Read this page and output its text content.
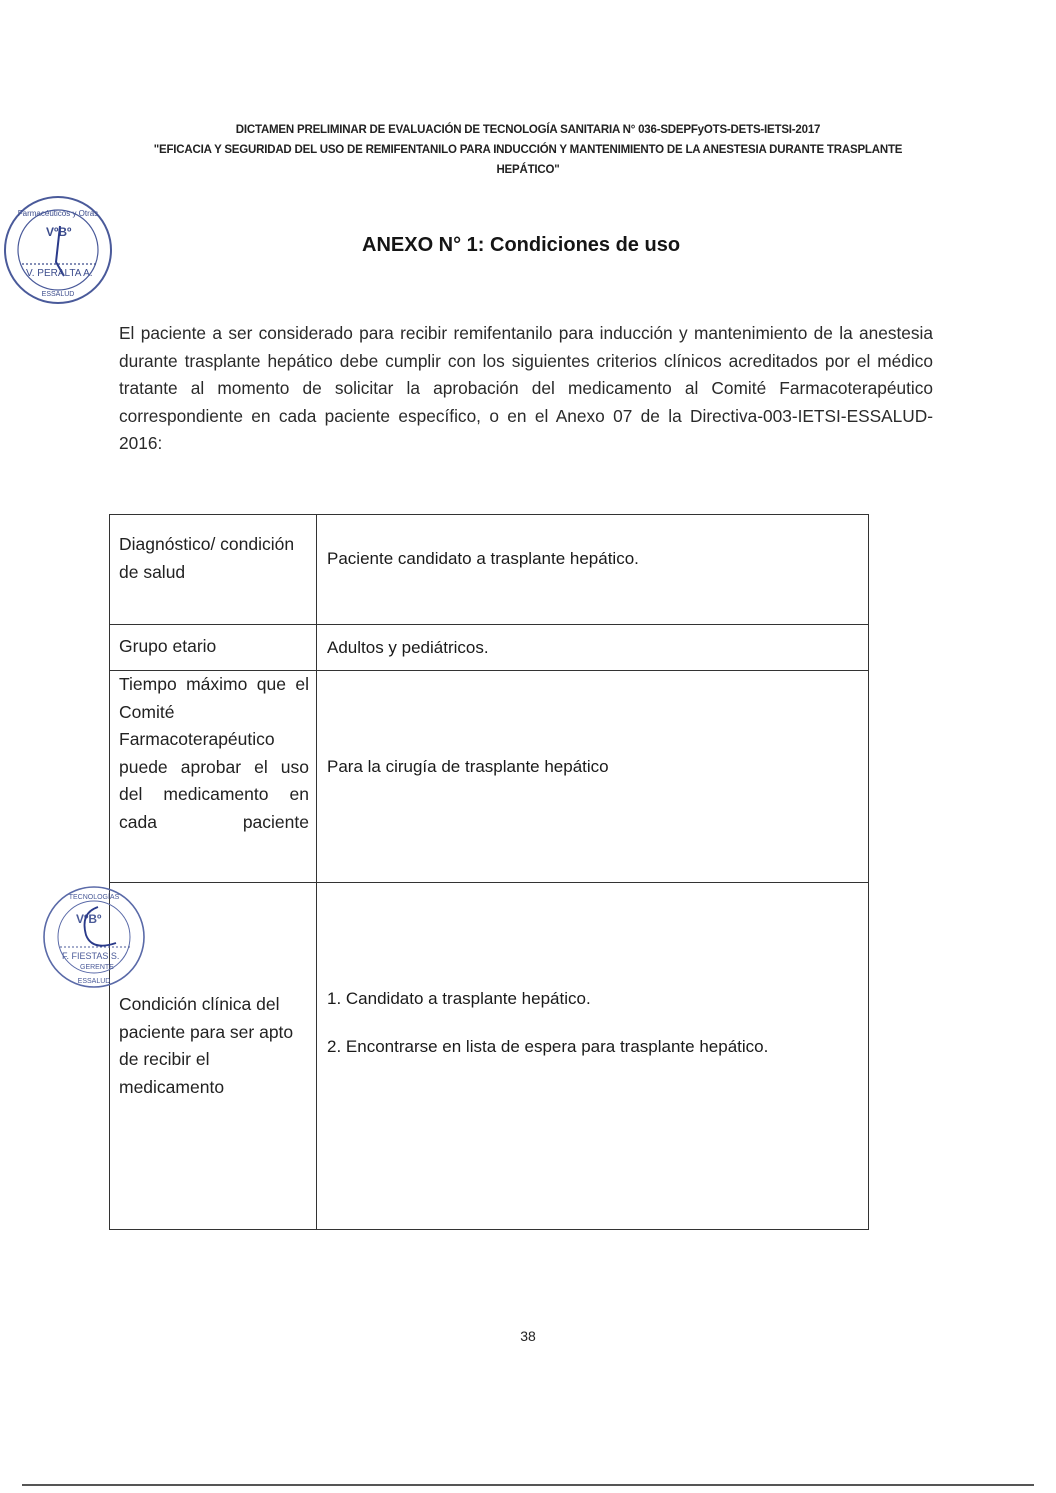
DICTAMEN PRELIMINAR DE EVALUACIÓN DE TECNOLOGÍA SANITARIA N° 036-SDEPFyOTS-DETS-IETSI-2017
"EFICACIA Y SEGURIDAD DEL USO DE REMIFENTANILO PARA INDUCCIÓN Y MANTENIMIENTO DE LA ANESTESIA DURANTE TRASPLANTE
HEPÁTICO"
Farmacéuticos y Otras
VºBº
V. PERALTA A.
ESSALUD
ANEXO N° 1: Condiciones de uso

El paciente a ser considerado para recibir remifentanilo para inducción y mantenimiento de la anestesia durante trasplante hepático debe cumplir con los siguientes criterios clínicos acreditados por el médico tratante al momento de solicitar la aprobación del medicamento al Comité Farmacoterapéutico correspondiente en cada paciente específico, o en el Anexo 07 de la Directiva-003-IETSI-ESSALUD-2016:

Diagnóstico/ condición de salud
Paciente candidato a trasplante hepático.
Grupo etario	Adultos y pediátricos.
Tiempo máximo que el Comité Farmacoterapéutico puede aprobar el uso del medicamento en cada paciente
Para la cirugía de trasplante hepático
Condición clínica del paciente para ser apto de recibir el medicamento
1. Candidato a trasplante hepático.
2. Encontrarse en lista de espera para trasplante hepático.
TECNOLOGÍAS
VºBº
F. FIESTAS S.
GERENTE
ESSALUD
38
